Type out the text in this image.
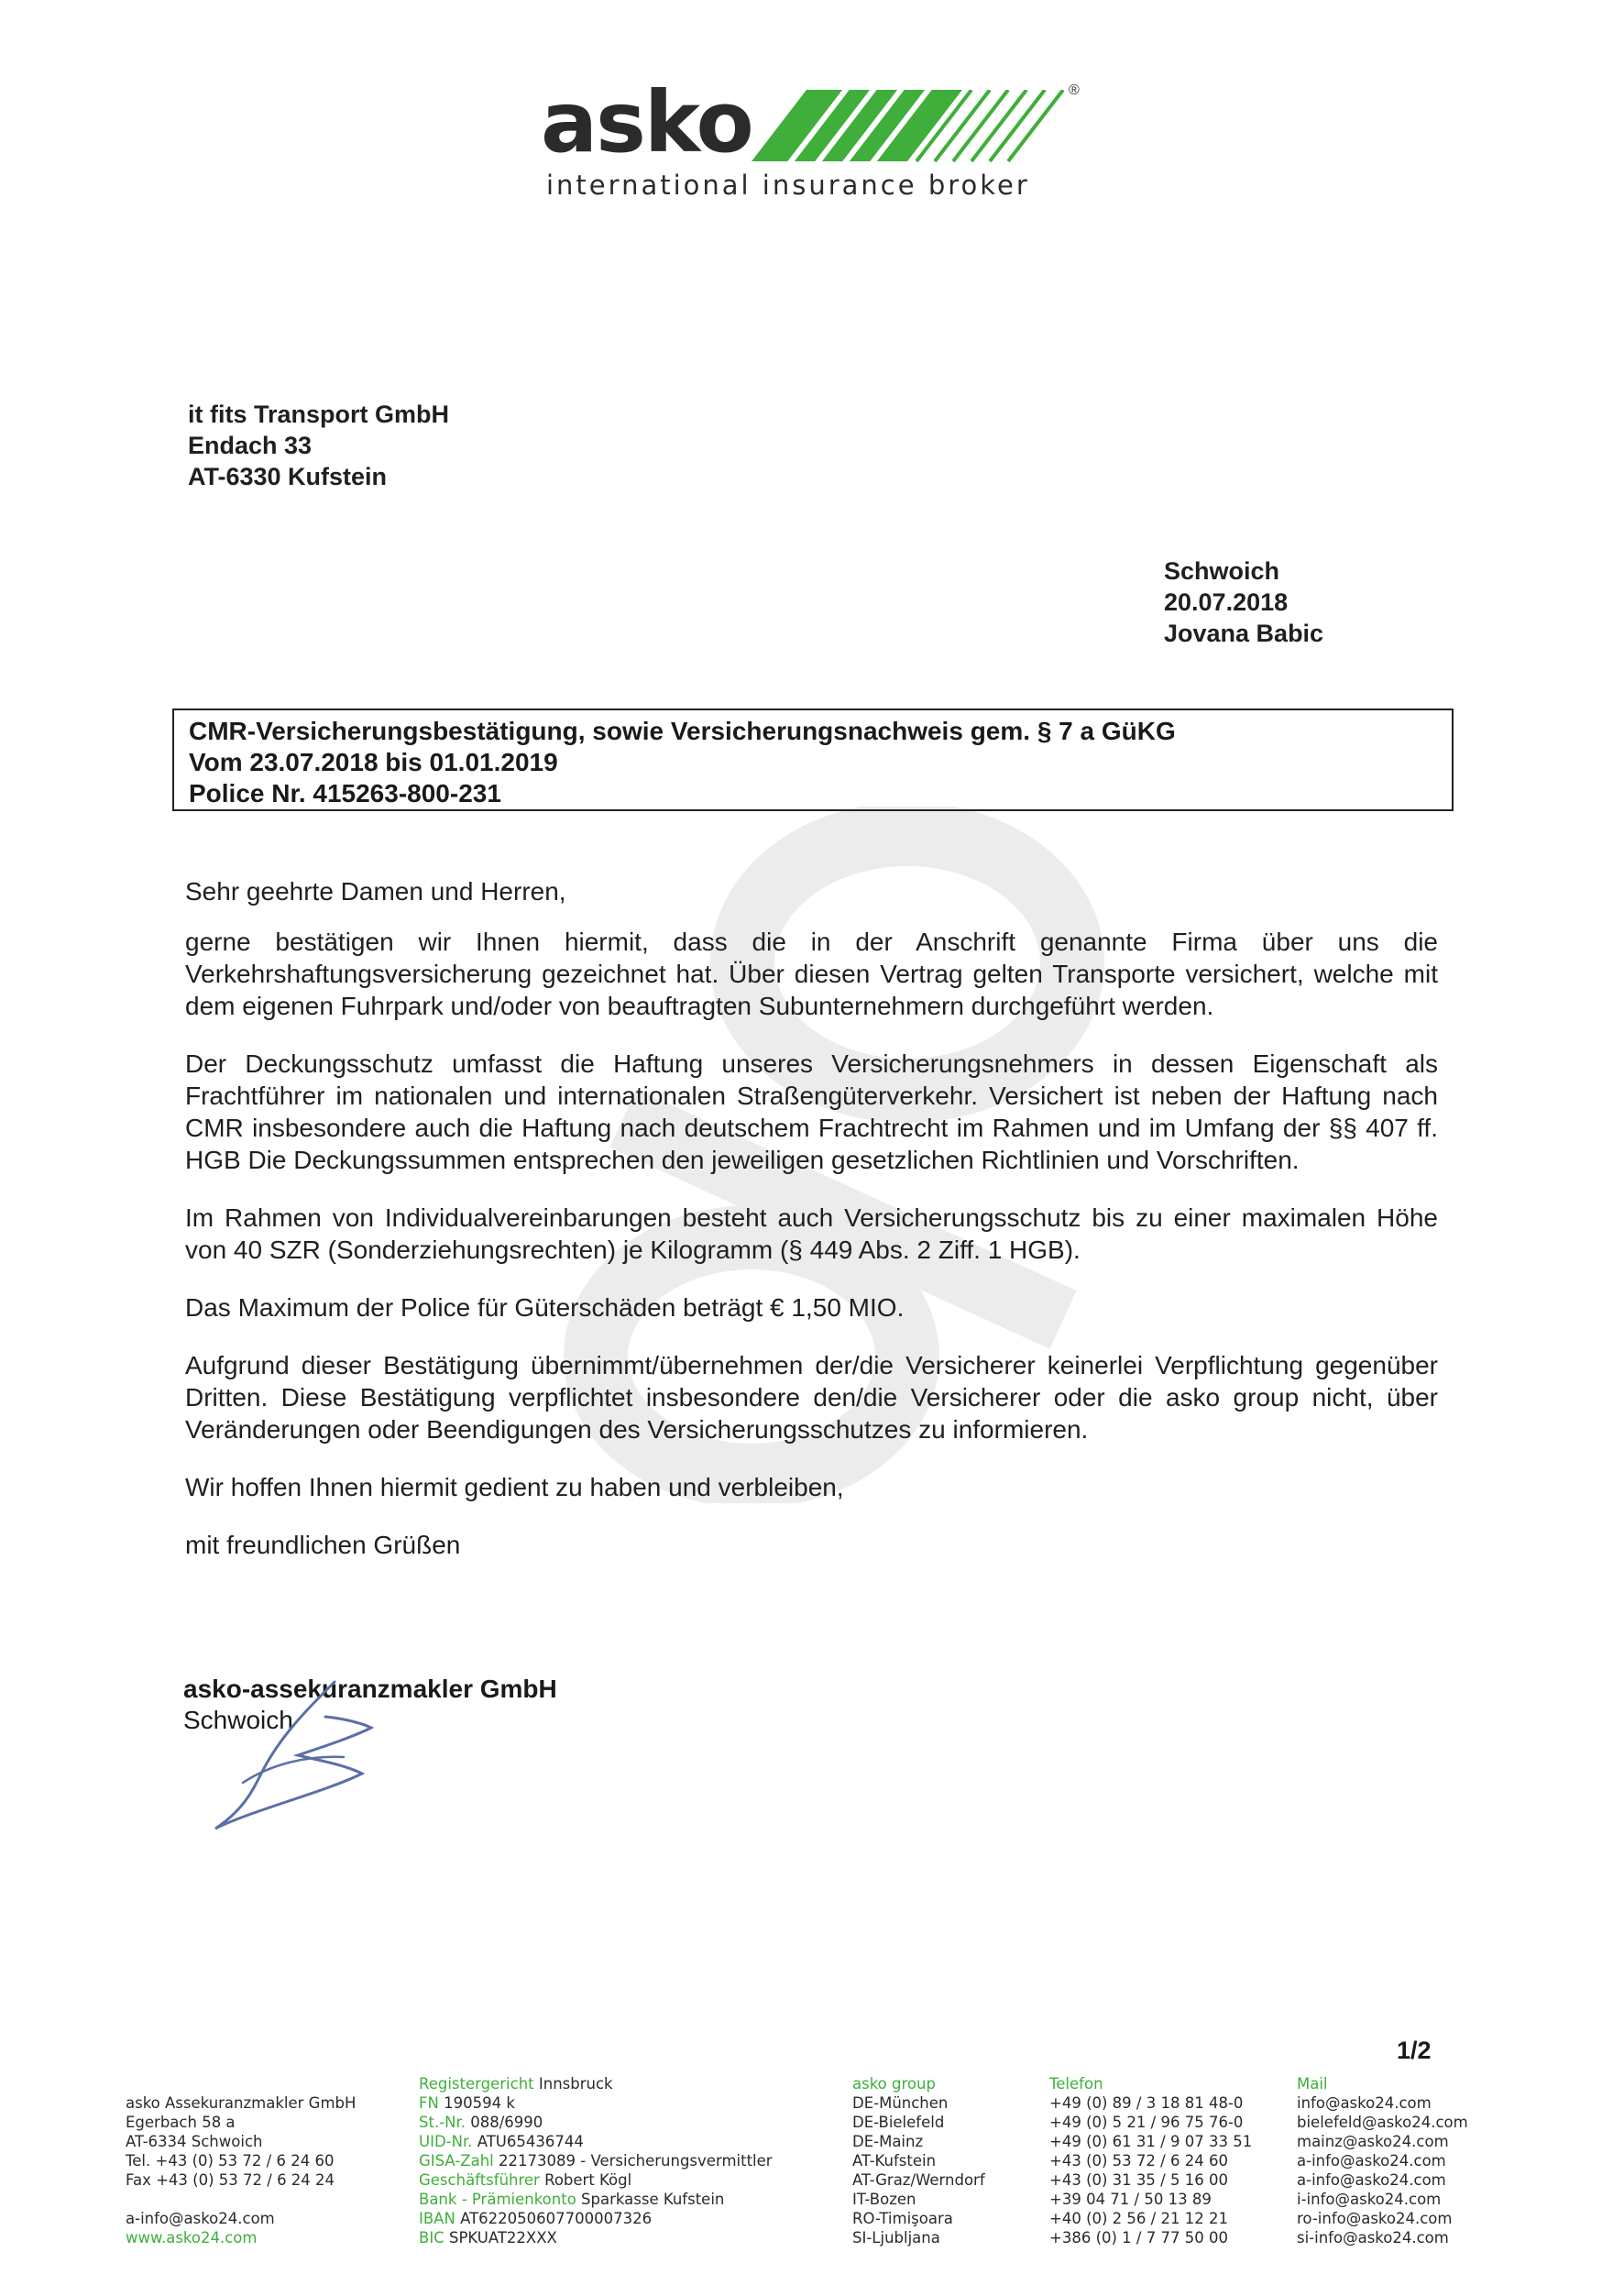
asko	®
international insurance broker
it fits Transport GmbH
Endach 33
AT-6330 Kufstein
Schwoich
20.07.2018
Jovana Babic
CMR-Versicherungsbestätigung, sowie Versicherungsnachweis gem. § 7 a GüKG
Vom 23.07.2018 bis 01.01.2019
Police Nr. 415263-800-231

Sehr geehrte Damen und Herren,

gerne bestätigen wir Ihnen hiermit, dass die in der Anschrift genannte Firma über uns die Verkehrshaftungsversicherung gezeichnet hat. Über diesen Vertrag gelten Transporte versichert, welche mit dem eigenen Fuhrpark und/oder von beauftragten Subunternehmern durchgeführt werden.

Der Deckungsschutz umfasst die Haftung unseres Versicherungsnehmers in dessen Eigenschaft als Frachtführer im nationalen und internationalen Straßengüterverkehr. Versichert ist neben der Haftung nach CMR insbesondere auch die Haftung nach deutschem Frachtrecht im Rahmen und im Umfang der §§ 407 ff. HGB Die Deckungssummen entsprechen den jeweiligen gesetzlichen Richtlinien und Vorschriften.

Im Rahmen von Individualvereinbarungen besteht auch Versicherungsschutz bis zu einer maximalen Höhe von 40 SZR (Sonderziehungsrechten) je Kilogramm (§ 449 Abs. 2 Ziff. 1 HGB).

Das Maximum der Police für Güterschäden beträgt € 1,50 MIO.

Aufgrund dieser Bestätigung übernimmt/übernehmen der/die Versicherer keinerlei Verpflichtung gegenüber Dritten. Diese Bestätigung verpflichtet insbesondere den/die Versicherer oder die asko group nicht, über Veränderungen oder Beendigungen des Versicherungsschutzes zu informieren.

Wir hoffen Ihnen hiermit gedient zu haben und verbleiben,

mit freundlichen Grüßen

asko-assekuranzmakler GmbH
Schwoich
1/2
asko Assekuranzmakler GmbH
Egerbach 58 a
AT-6334 Schwoich
Tel. +43 (0) 53 72 / 6 24 60
Fax +43 (0) 53 72 / 6 24 24
a-info@asko24.com
www.asko24.com
Registergericht Innsbruck
FN 190594 k
St.-Nr. 088/6990
UID-Nr. ATU65436744
GISA-Zahl 22173089 - Versicherungsvermittler
Geschäftsführer Robert Kögl
Bank - Prämienkonto Sparkasse Kufstein
IBAN AT622050607700007326
BIC SPKUAT22XXX
asko group
DE-München
DE-Bielefeld
DE-Mainz
AT-Kufstein
AT-Graz/Werndorf
IT-Bozen
RO-Timişoara
SI-Ljubljana
Telefon
+49 (0) 89 / 3 18 81 48-0
+49 (0) 5 21 / 96 75 76-0
+49 (0) 61 31 / 9 07 33 51
+43 (0) 53 72 / 6 24 60
+43 (0) 31 35 / 5 16 00
+39 04 71 / 50 13 89
+40 (0) 2 56 / 21 12 21
+386 (0) 1 / 7 77 50 00
Mail
info@asko24.com
bielefeld@asko24.com
mainz@asko24.com
a-info@asko24.com
a-info@asko24.com
i-info@asko24.com
ro-info@asko24.com
si-info@asko24.com
